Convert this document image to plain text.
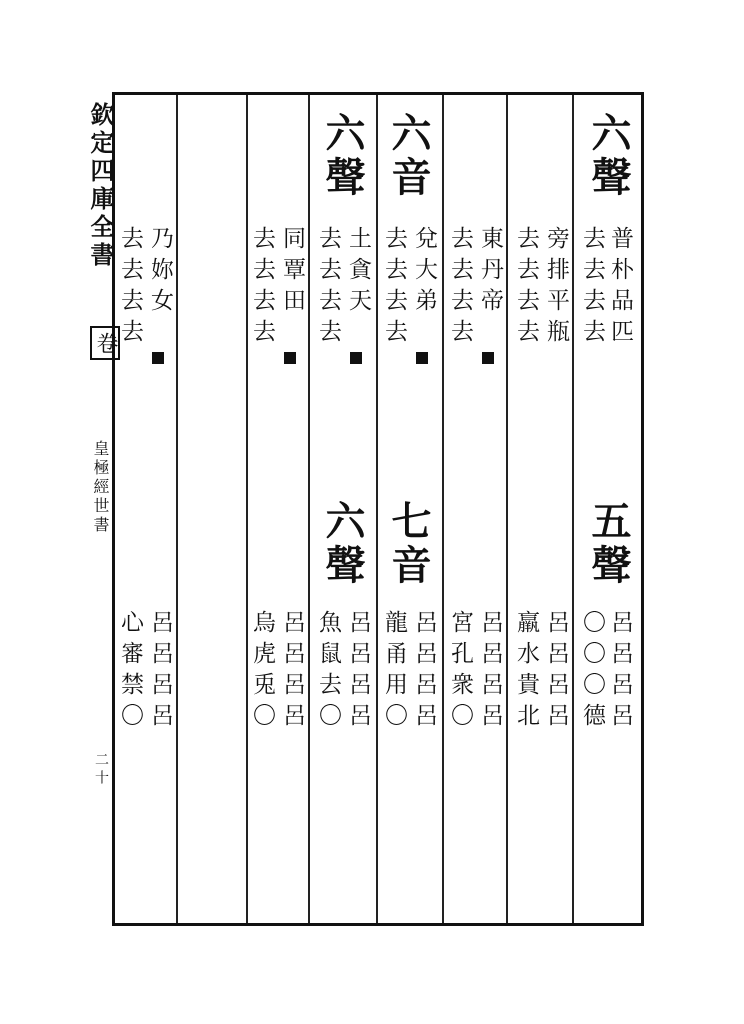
欽定四庫全書
卷
皇極經世書
二十
六聲
普朴品匹
去去去去
五聲
呂呂呂呂
〇〇〇德
旁排平瓶
去去去去
呂呂呂呂
羸水貴北
東丹帝
去去去去
呂呂呂呂
宮孔衆〇
六音
兌大弟
去去去去
七音
呂呂呂呂
龍甬用〇
六聲
土貪天
去去去去
六聲
呂呂呂呂
魚鼠去〇
同覃田
去去去去
呂呂呂呂
烏虎兎〇
乃妳女
去去去去
呂呂呂呂
心審禁〇
